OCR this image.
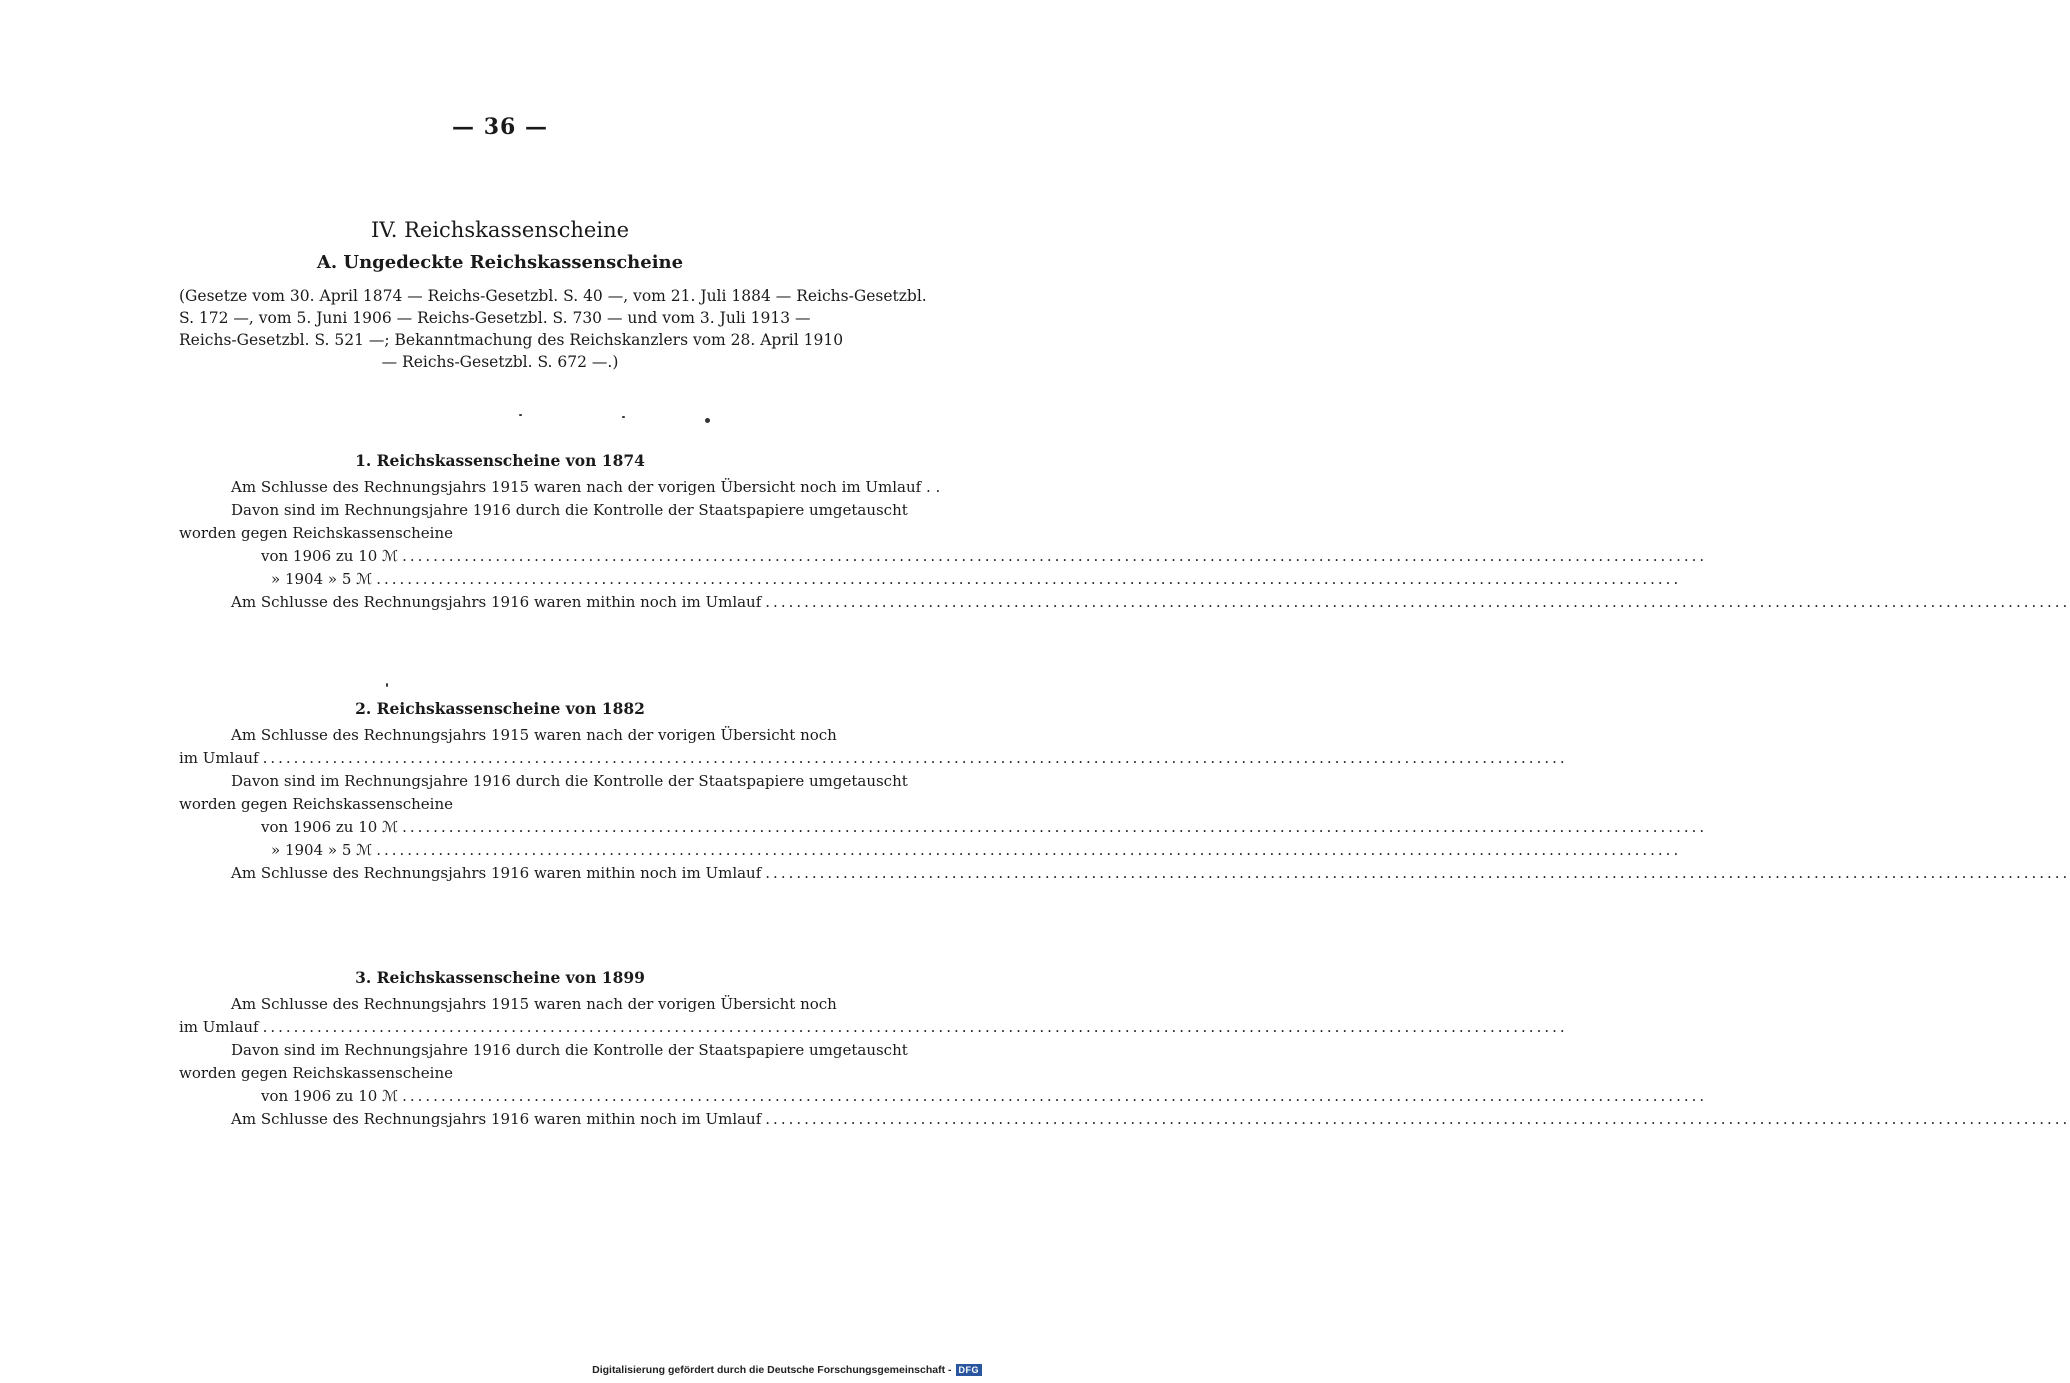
— 36 —
IV. Reichskassenscheine
A. Ungedeckte Reichskassenscheine
(Gesetze vom 30. April 1874 — Reichs-Gesetzbl. S. 40 —, vom 21. Juli 1884 — Reichs-Gesetzbl.
S. 172 —, vom 5. Juni 1906 — Reichs-Gesetzbl. S. 730 — und vom 3. Juli 1913 —
Reichs-Gesetzbl. S. 521 —; Bekanntmachung des Reichskanzlers vom 28. April 1910
— Reichs-Gesetzbl. S. 672 —.)
1. Reichskassenscheine von 1874
Am Schlusse des Rechnungsjahrs 1915 waren nach der vorigen Übersicht noch im Umlauf . .
Davon sind im Rechnungsjahre 1916 durch die Kontrolle der Staatspapiere umgetauscht
worden gegen Reichskassenscheine
von 1906 zu 10 ℳ
.....
» 1904 » 5 ℳ
.....
Am Schlusse des Rechnungsjahrs 1916 waren mithin noch im Umlauf
.....
2. Reichskassenscheine von 1882
Am Schlusse des Rechnungsjahrs 1915 waren nach der vorigen Übersicht noch
im Umlauf
.....
Davon sind im Rechnungsjahre 1916 durch die Kontrolle der Staatspapiere umgetauscht
worden gegen Reichskassenscheine
von 1906 zu 10 ℳ
.....
» 1904 » 5 ℳ
.....
Am Schlusse des Rechnungsjahrs 1916 waren mithin noch im Umlauf
.....
3. Reichskassenscheine von 1899
Am Schlusse des Rechnungsjahrs 1915 waren nach der vorigen Übersicht noch
im Umlauf
.....
Davon sind im Rechnungsjahre 1916 durch die Kontrolle der Staatspapiere umgetauscht
worden gegen Reichskassenscheine
von 1906 zu 10 ℳ
.....
Am Schlusse des Rechnungsjahrs 1916 waren mithin noch im Umlauf
.....
Digitalisierung gefördert durch die Deutsche Forschungsgemeinschaft - DFG
